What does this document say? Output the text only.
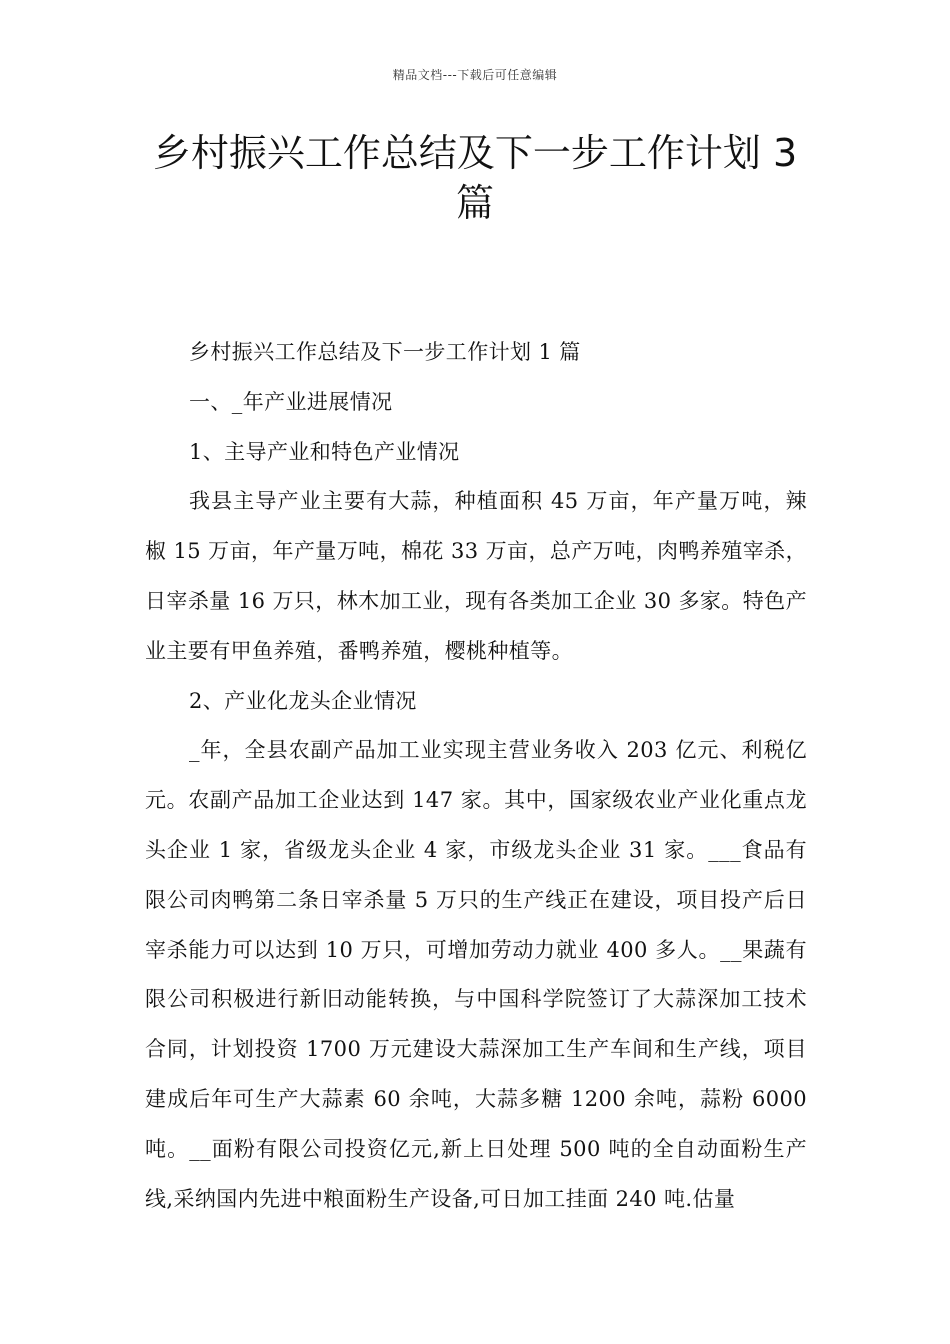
精品文档---下载后可任意编辑
乡村振兴工作总结及下一步工作计划 3 篇

乡村振兴工作总结及下一步工作计划 1 篇

一、_年产业进展情况

1、主导产业和特色产业情况

我县主导产业主要有大蒜，种植面积 45 万亩，年产量万吨，辣椒 15 万亩，年产量万吨，棉花 33 万亩，总产万吨，肉鸭养殖宰杀，日宰杀量 16 万只，林木加工业，现有各类加工企业 30 多家。特色产业主要有甲鱼养殖，番鸭养殖，樱桃种植等。

2、产业化龙头企业情况

_年，全县农副产品加工业实现主营业务收入 203 亿元、利税亿元。农副产品加工企业达到 147 家。其中，国家级农业产业化重点龙头企业 1 家，省级龙头企业 4 家，市级龙头企业 31 家。___食品有限公司肉鸭第二条日宰杀量 5 万只的生产线正在建设，项目投产后日宰杀能力可以达到 10 万只，可增加劳动力就业 400 多人。__果蔬有限公司积极进行新旧动能转换，与中国科学院签订了大蒜深加工技术合同，计划投资 1700 万元建设大蒜深加工生产车间和生产线，项目建成后年可生产大蒜素 60 余吨，大蒜多糖 1200 余吨，蒜粉 6000 吨。__面粉有限公司投资亿元,新上日处理 500 吨的全自动面粉生产线,采纳国内先进中粮面粉生产设备,可日加工挂面 240 吨.估量
